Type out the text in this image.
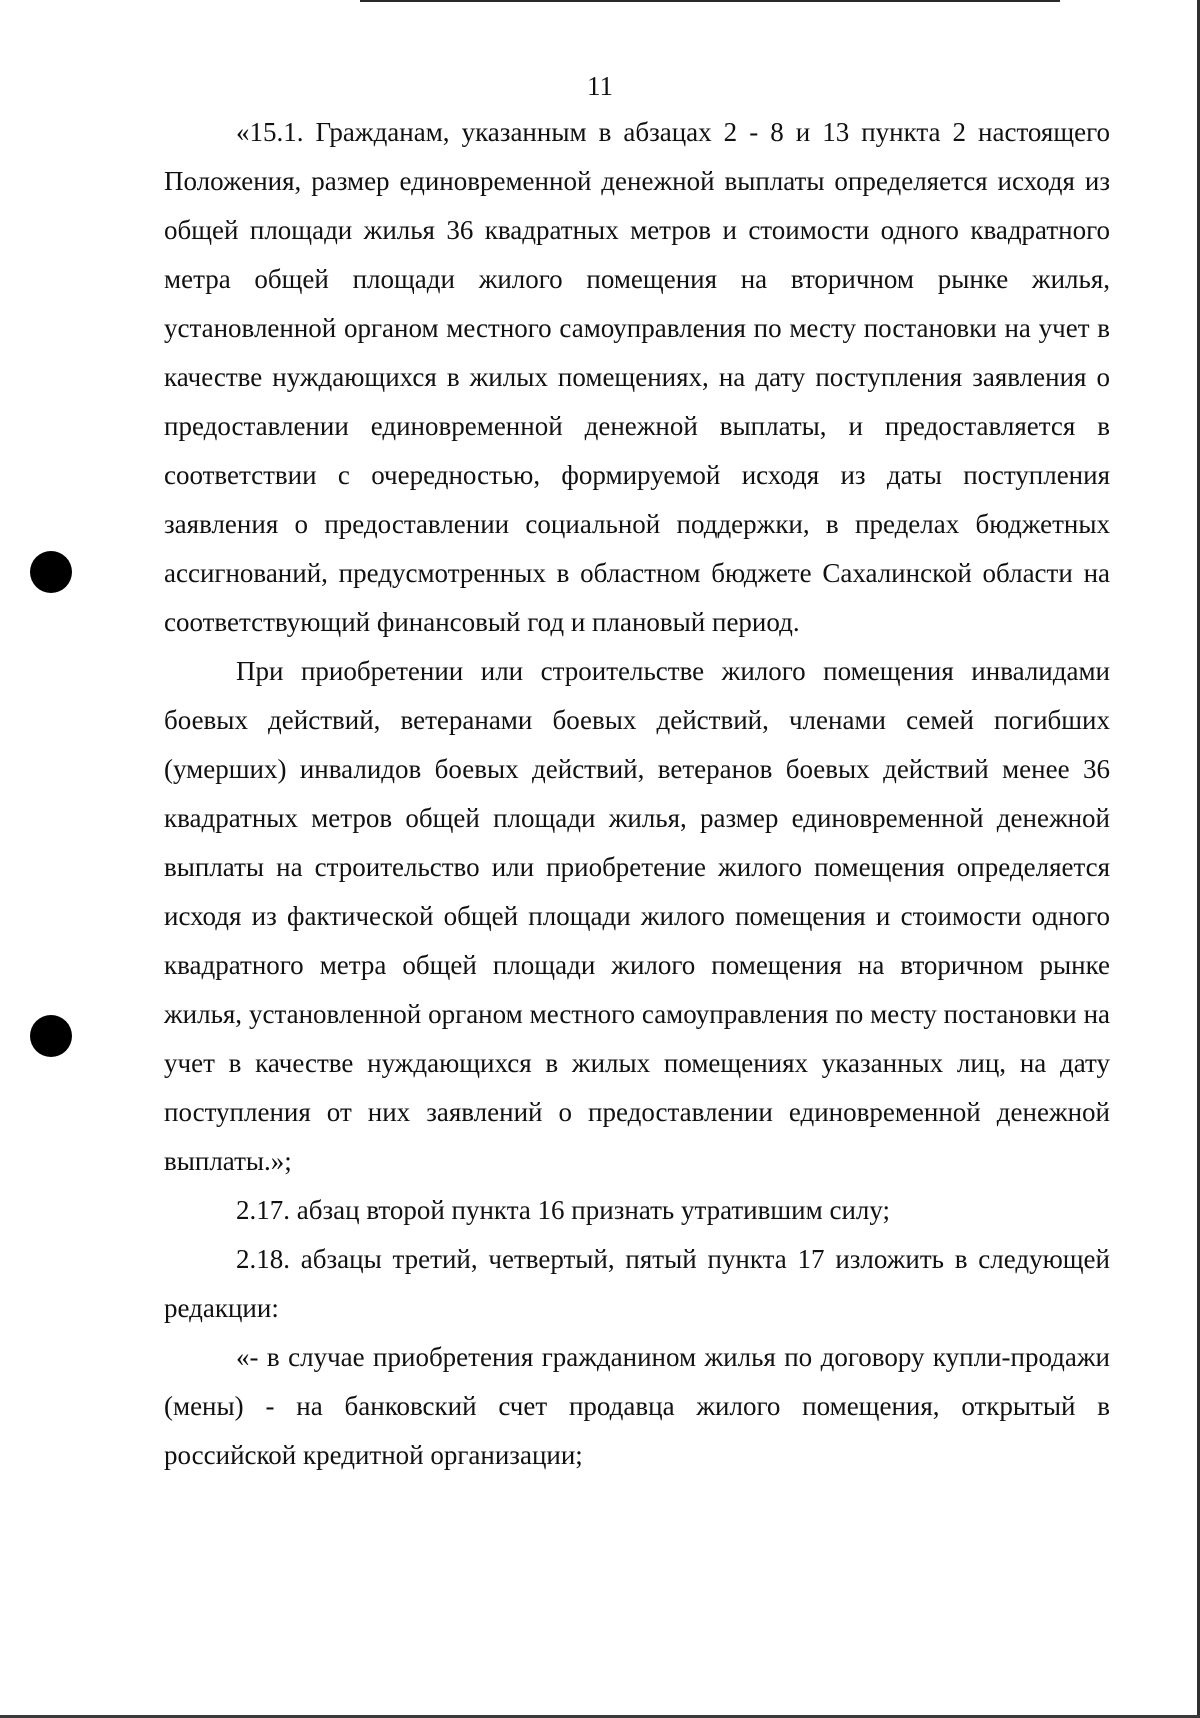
11

«15.1. Гражданам, указанным в абзацах 2 - 8 и 13 пункта 2 настоящего Положения, размер единовременной денежной выплаты определяется исходя из общей площади жилья 36 квадратных метров и стоимости одного квадратного метра общей площади жилого помещения на вторичном рынке жилья, установленной органом местного самоуправления по месту постановки на учет в качестве нуждающихся в жилых помещениях, на дату поступления заявления о предоставлении единовременной денежной выплаты, и предоставляется в соответствии с очередностью, формируемой исходя из даты поступления заявления о предоставлении социальной поддержки, в пределах бюджетных ассигнований, предусмотренных в областном бюджете Сахалинской области на соответствующий финансовый год и плановый период.

При приобретении или строительстве жилого помещения инвалидами боевых действий, ветеранами боевых действий, членами семей погибших (умерших) инвалидов боевых действий, ветеранов боевых действий менее 36 квадратных метров общей площади жилья, размер единовременной денежной выплаты на строительство или приобретение жилого помещения определяется исходя из фактической общей площади жилого помещения и стоимости одного квадратного метра общей площади жилого помещения на вторичном рынке жилья, установленной органом местного самоуправления по месту постановки на учет в качестве нуждающихся в жилых помещениях указанных лиц, на дату поступления от них заявлений о предоставлении единовременной денежной выплаты.»;

2.17. абзац второй пункта 16 признать утратившим силу;

2.18. абзацы третий, четвертый, пятый пункта 17 изложить в следующей редакции:

«- в случае приобретения гражданином жилья по договору купли-продажи (мены) - на банковский счет продавца жилого помещения, открытый в российской кредитной организации;
